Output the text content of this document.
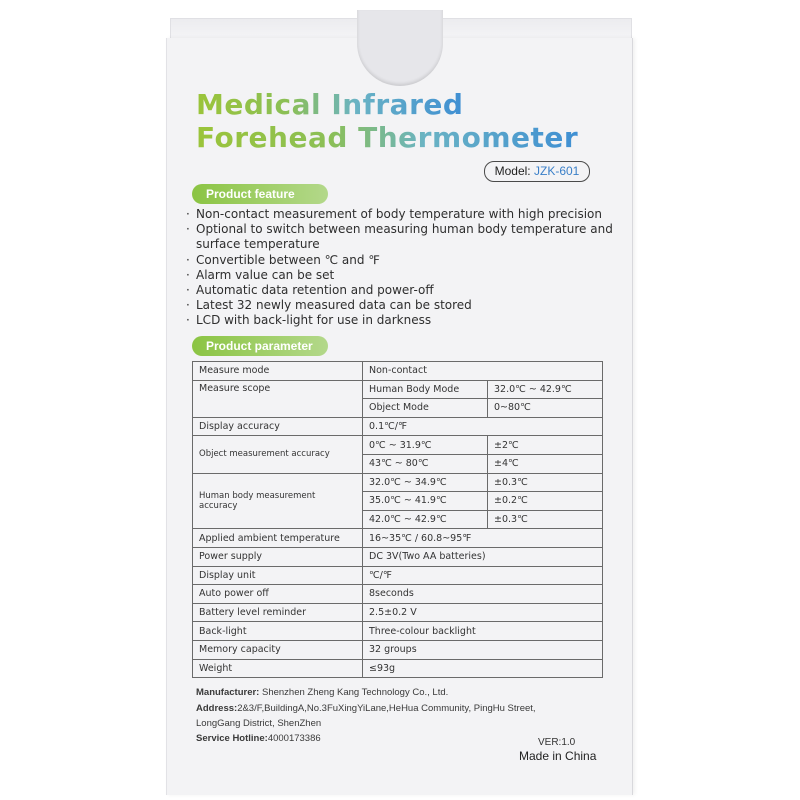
Medical Infrared
Forehead Thermometer
Model: JZK-601
Product feature
· Non-contact measurement of body temperature with high precision
· Optional to switch between measuring human body temperature and
surface temperature
· Convertible between ℃ and ℉
· Alarm value can be set
· Automatic data retention and power-off
· Latest 32 newly measured data can be stored
· LCD with back-light for use in darkness
Product parameter
Measure mode	Non-contact	
Measure scope	Human Body Mode	32.0℃ ~ 42.9℃
	Object Mode	0~80℃
Display accuracy	0.1℃/℉	
Object measurement accuracy	0℃ ~ 31.9℃	±2℃
	43℃ ~ 80℃	±4℃
Human body measurement accuracy	32.0℃ ~ 34.9℃	±0.3℃
	35.0℃ ~ 41.9℃	±0.2℃
	42.0℃ ~ 42.9℃	±0.3℃
Applied ambient temperature	16~35℃ / 60.8~95℉	
Power supply	DC 3V(Two AA batteries)	
Display unit	℃/℉	
Auto power off	8seconds	
Battery level reminder	2.5±0.2 V	
Back-light	Three-colour backlight	
Memory capacity	32 groups	
Weight	≤93g	
Manufacturer: Shenzhen Zheng Kang Technology Co., Ltd.
Address:2&3/F,BuildingA,No.3FuXingYiLane,HeHua Community, PingHu Street,
LongGang District, ShenZhen
Service Hotline:4000173386	VER:1.0
Made in China
